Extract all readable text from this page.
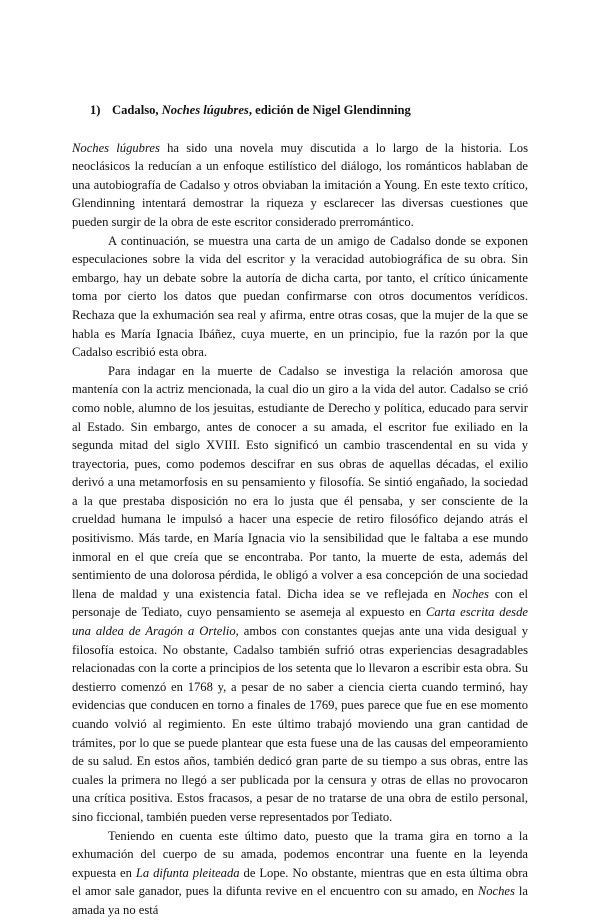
1) Cadalso, Noches lúgubres, edición de Nigel Glendinning

Noches lúgubres ha sido una novela muy discutida a lo largo de la historia. Los neoclásicos la reducían a un enfoque estilístico del diálogo, los románticos hablaban de una autobiografía de Cadalso y otros obviaban la imitación a Young. En este texto crítico, Glendinning intentará demostrar la riqueza y esclarecer las diversas cuestiones que pueden surgir de la obra de este escritor considerado prerromántico.

A continuación, se muestra una carta de un amigo de Cadalso donde se exponen especulaciones sobre la vida del escritor y la veracidad autobiográfica de su obra. Sin embargo, hay un debate sobre la autoría de dicha carta, por tanto, el crítico únicamente toma por cierto los datos que puedan confirmarse con otros documentos verídicos. Rechaza que la exhumación sea real y afirma, entre otras cosas, que la mujer de la que se habla es María Ignacia Ibáñez, cuya muerte, en un principio, fue la razón por la que Cadalso escribió esta obra.

Para indagar en la muerte de Cadalso se investiga la relación amorosa que mantenía con la actriz mencionada, la cual dio un giro a la vida del autor. Cadalso se crió como noble, alumno de los jesuitas, estudiante de Derecho y política, educado para servir al Estado. Sin embargo, antes de conocer a su amada, el escritor fue exiliado en la segunda mitad del siglo XVIII. Esto significó un cambio trascendental en su vida y trayectoria, pues, como podemos descifrar en sus obras de aquellas décadas, el exilio derivó a una metamorfosis en su pensamiento y filosofía. Se sintió engañado, la sociedad a la que prestaba disposición no era lo justa que él pensaba, y ser consciente de la crueldad humana le impulsó a hacer una especie de retiro filosófico dejando atrás el positivismo. Más tarde, en María Ignacia vio la sensibilidad que le faltaba a ese mundo inmoral en el que creía que se encontraba. Por tanto, la muerte de esta, además del sentimiento de una dolorosa pérdida, le obligó a volver a esa concepción de una sociedad llena de maldad y una existencia fatal. Dicha idea se ve reflejada en Noches con el personaje de Tediato, cuyo pensamiento se asemeja al expuesto en Carta escrita desde una aldea de Aragón a Ortelio, ambos con constantes quejas ante una vida desigual y filosofía estoica. No obstante, Cadalso también sufrió otras experiencias desagradables relacionadas con la corte a principios de los setenta que lo llevaron a escribir esta obra. Su destierro comenzó en 1768 y, a pesar de no saber a ciencia cierta cuando terminó, hay evidencias que conducen en torno a finales de 1769, pues parece que fue en ese momento cuando volvió al regimiento. En este último trabajó moviendo una gran cantidad de trámites, por lo que se puede plantear que esta fuese una de las causas del empeoramiento de su salud. En estos años, también dedicó gran parte de su tiempo a sus obras, entre las cuales la primera no llegó a ser publicada por la censura y otras de ellas no provocaron una crítica positiva. Estos fracasos, a pesar de no tratarse de una obra de estilo personal, sino ficcional, también pueden verse representados por Tediato.

Teniendo en cuenta este último dato, puesto que la trama gira en torno a la exhumación del cuerpo de su amada, podemos encontrar una fuente en la leyenda expuesta en La difunta pleiteada de Lope. No obstante, mientras que en esta última obra el amor sale ganador, pues la difunta revive en el encuentro con su amado, en Noches la amada ya no está
